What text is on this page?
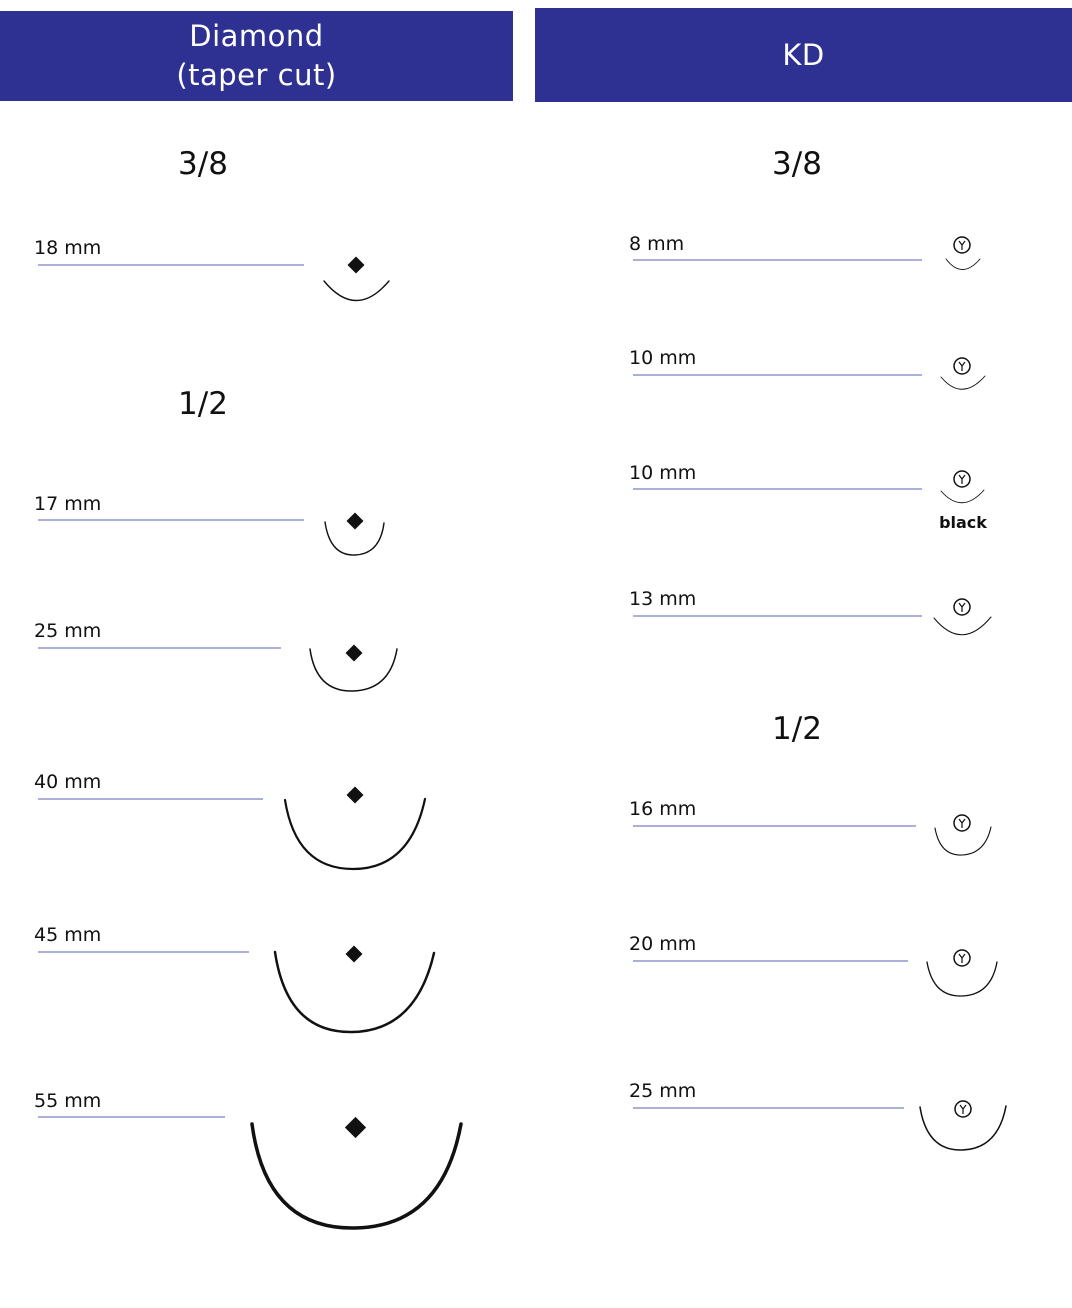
Diamond
(taper cut)
KD
3/8
1/2
3/8
1/2
18 mm
17 mm
25 mm
40 mm
45 mm
55 mm
8 mm
10 mm
10 mm
black
13 mm
16 mm
20 mm
25 mm
